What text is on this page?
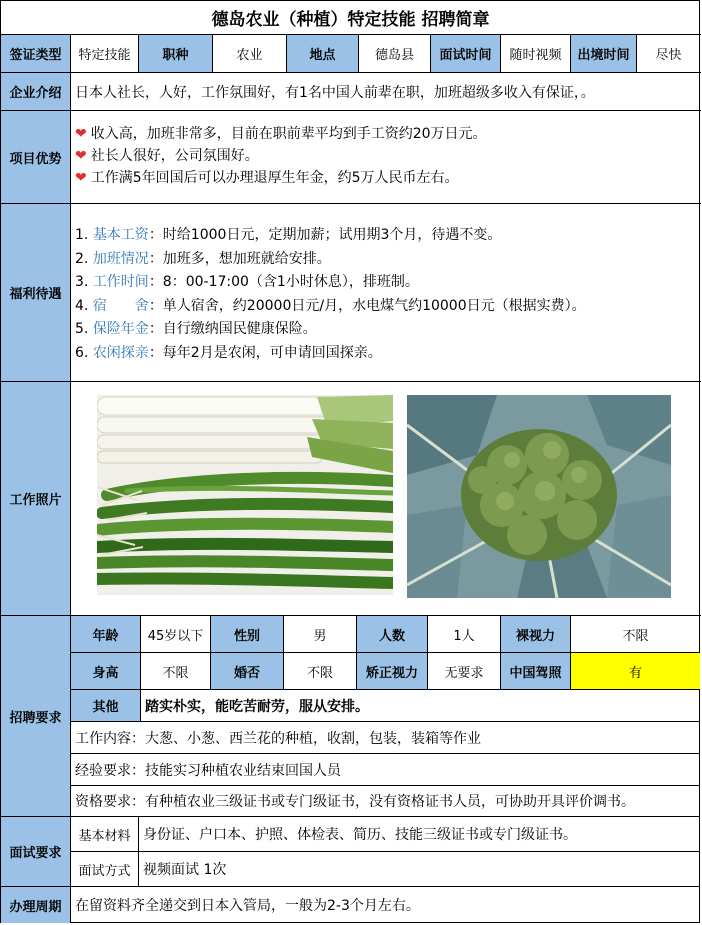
德岛农业（种植）特定技能 招聘简章
签证类型	特定技能	职种	农业	地点	德岛县	面试时间	随时视频	出境时间	尽快
企业介绍 日本人社长，人好，工作氛围好，有1名中国人前辈在职，加班超级多收入有保证，。
项目优势
❤ 收入高，加班非常多，目前在职前辈平均到手工资约20万日元。
❤ 社长人很好，公司氛围好。
❤ 工作满5年回国后可以办理退厚生年金，约5万人民币左右。
福利待遇
1. 基本工资：时给1000日元，定期加薪；试用期3个月，待遇不变。
2. 加班情况：加班多，想加班就给安排。
3. 工作时间：8：00-17:00（含1小时休息），排班制。
4. 宿　　舍：单人宿舍，约20000日元/月，水电煤气约10000日元（根据实费）。
5. 保险年金：自行缴纳国民健康保险。
6. 农闲探亲：每年2月是农闲，可申请回国探亲。
工作照片
招聘要求
年龄	45岁以下	性别	男	人数	1人	裸视力	不限
身高	不限	婚否	不限	矫正视力	无要求	中国驾照	有
其他	踏实朴实，能吃苦耐劳，服从安排。
工作内容：大葱、小葱、西兰花的种植，收割，包装，装箱等作业
经验要求：技能实习种植农业结束回国人员
资格要求：有种植农业三级证书或专门级证书，没有资格证书人员，可协助开具评价调书。
面试要求
基本材料 身份证、户口本、护照、体检表、简历、技能三级证书或专门级证书。
面试方式 视频面试 1次
办理周期 在留资料齐全递交到日本入管局，一般为2-3个月左右。
